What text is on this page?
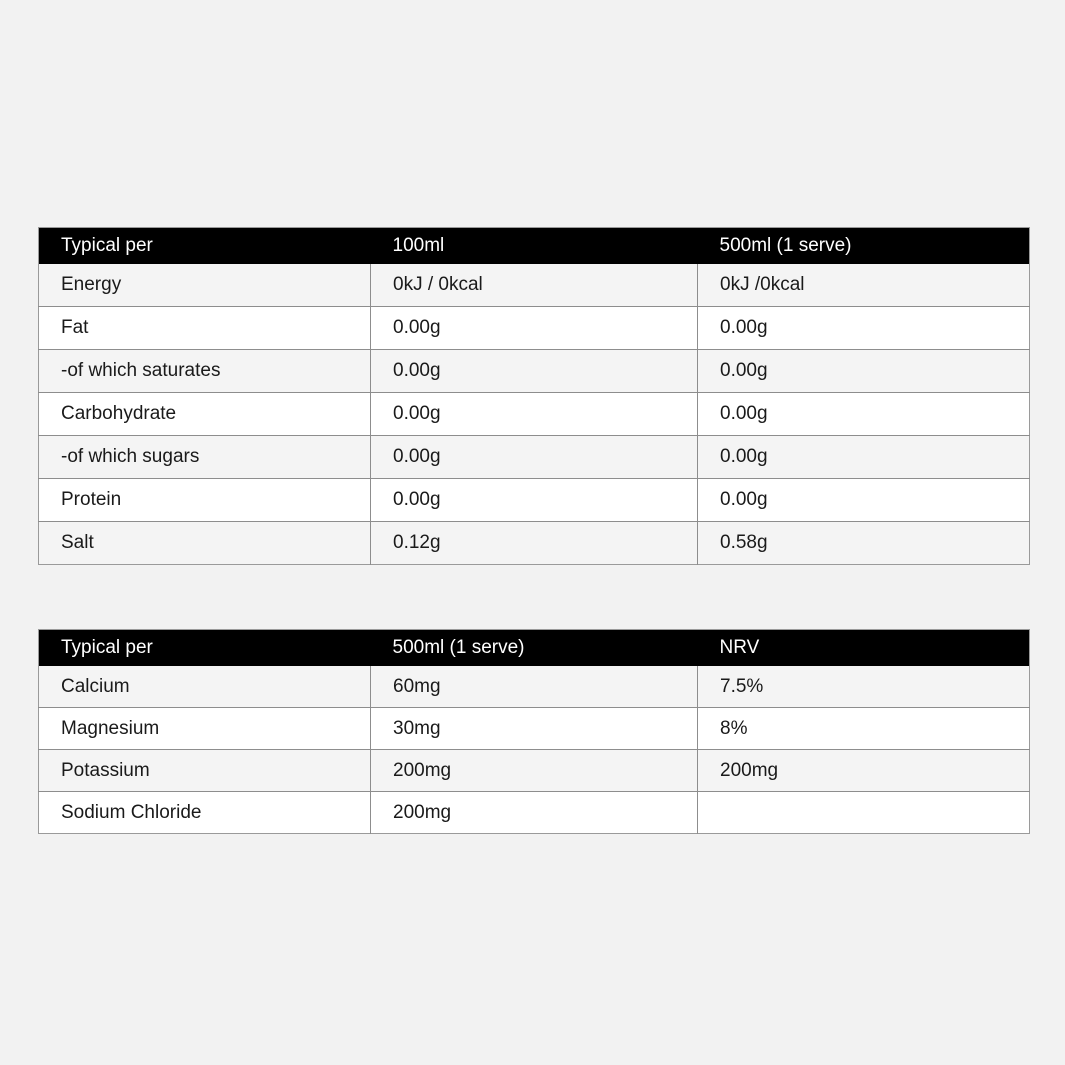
Typical per	100ml	500ml (1 serve)
Energy	0kJ / 0kcal	0kJ /0kcal
Fat	0.00g	0.00g
-of which saturates	0.00g	0.00g
Carbohydrate	0.00g	0.00g
-of which sugars	0.00g	0.00g
Protein	0.00g	0.00g
Salt	0.12g	0.58g
Typical per	500ml (1 serve)	NRV
Calcium	60mg	7.5%
Magnesium	30mg	8%
Potassium	200mg	200mg
Sodium Chloride	200mg	
